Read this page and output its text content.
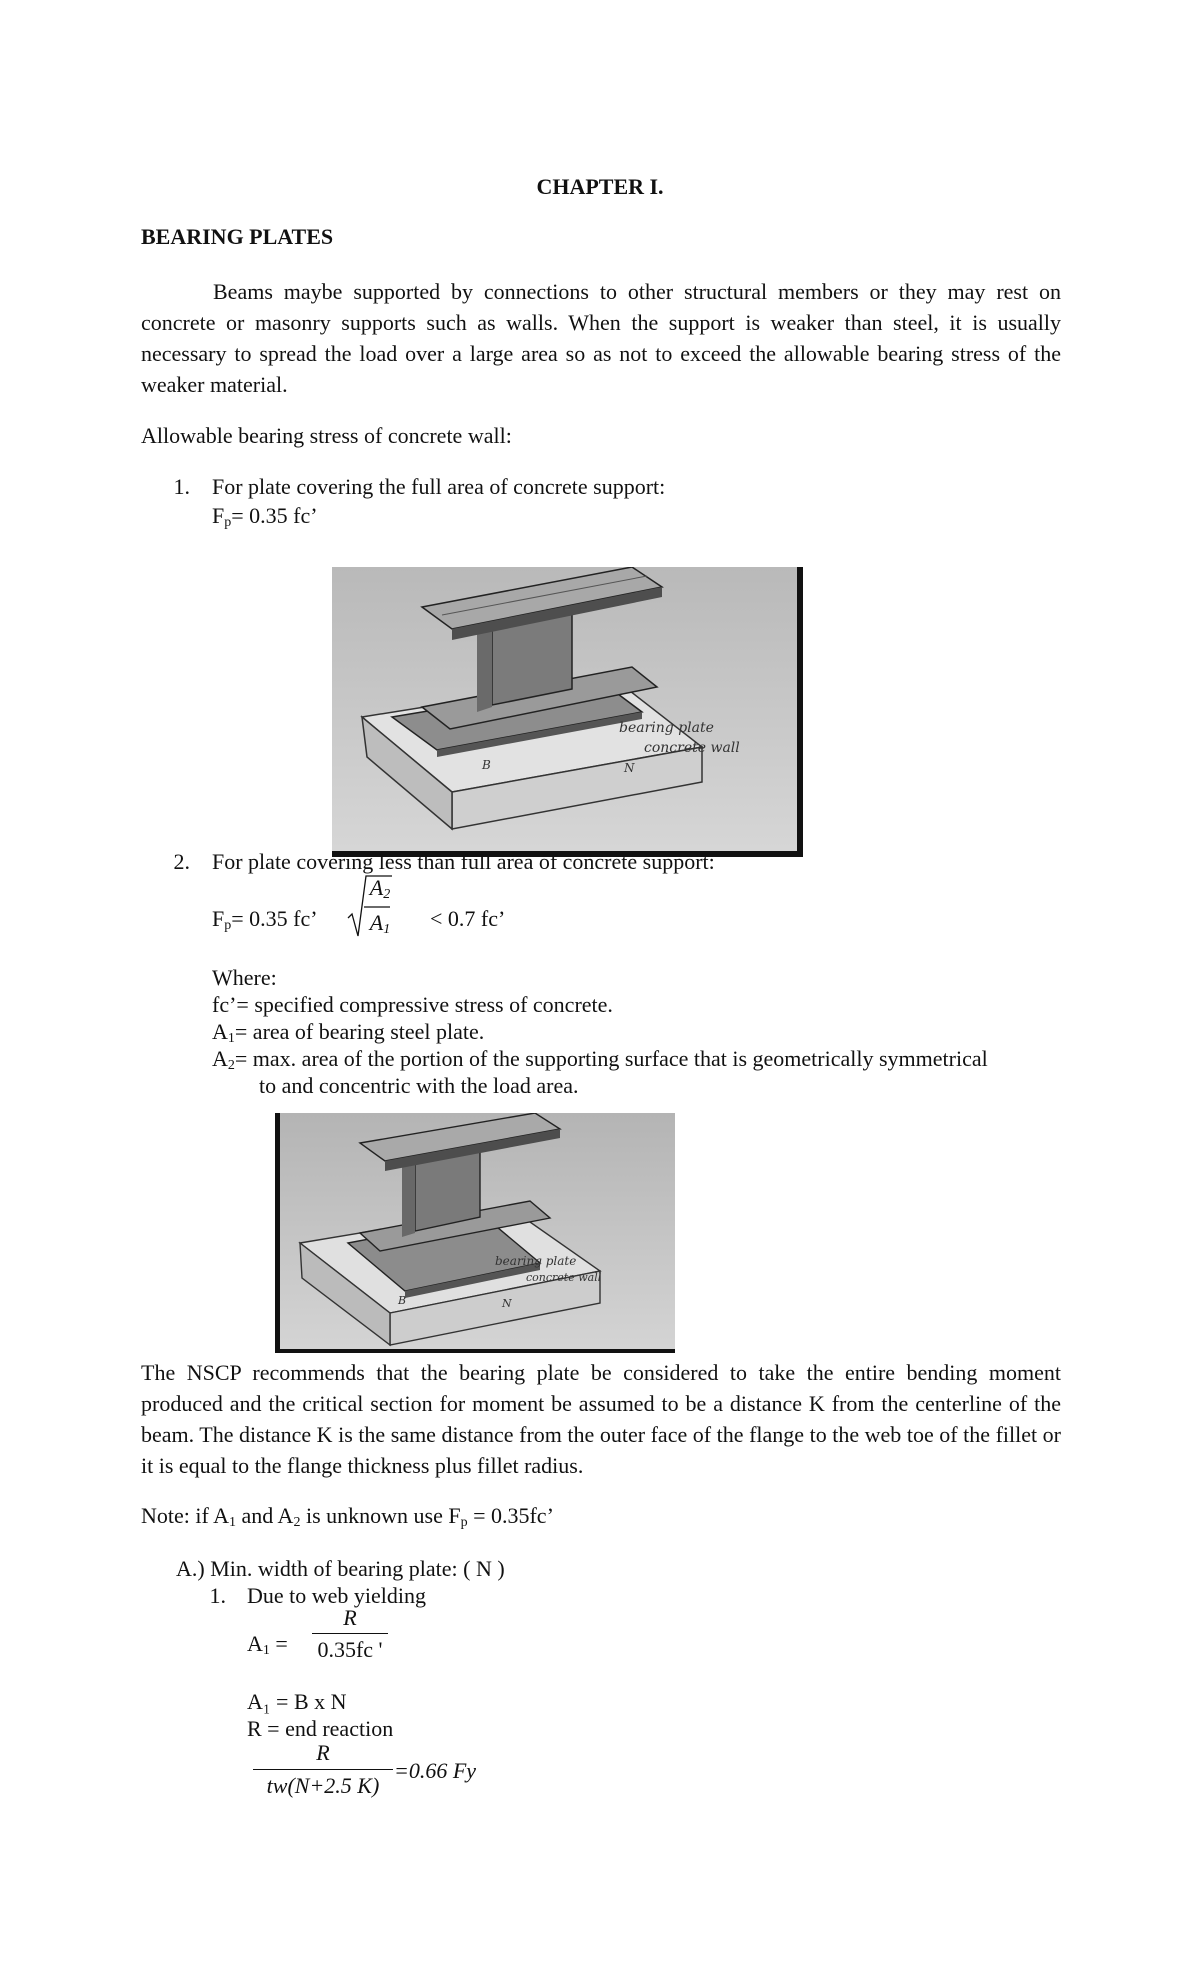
CHAPTER I.
BEARING PLATES
Beams maybe supported by connections to other structural members or they may rest on concrete or masonry supports such as walls. When the support is weaker than steel, it is usually necessary to spread the load over a large area so as not to exceed the allowable bearing stress of the weaker material.
Allowable bearing stress of concrete wall:
1. For plate covering the full area of concrete support:
$F_p= 0.35$ fc’
bearing plate
concrete wall
B	N
2. For plate covering less than full area of concrete support:
$F_p= 0.35$ fc’
$A_2$
$A_1 < 0.7$ fc’
Where:
fc’= specified compressive stress of concrete.
$A_1=$ area of bearing steel plate.
$A_2= \max$. area of the portion of the supporting surface that is geometrically symmetrical
to and concentric with the load area.
bearing plate
concrete wall
B	N
The NSCP recommends that the bearing plate be considered to take the entire bending moment produced and the critical section for moment be assumed to be a distance K from the centerline of the beam. The distance K is the same distance from the outer face of the flange to the web toe of the fillet or it is equal to the flange thickness plus fillet radius.
Note: if $A_1$ and $A_2$ is unknown use $F_p = 0.35fc$’
A.) Min. width of bearing plate: ( N )
1. Due to web yielding
$A_1$ =
R
0.35fc '
A₁ = B x N
R = end reaction
R
tw(N+2.5 K)
=0.66 Fy
